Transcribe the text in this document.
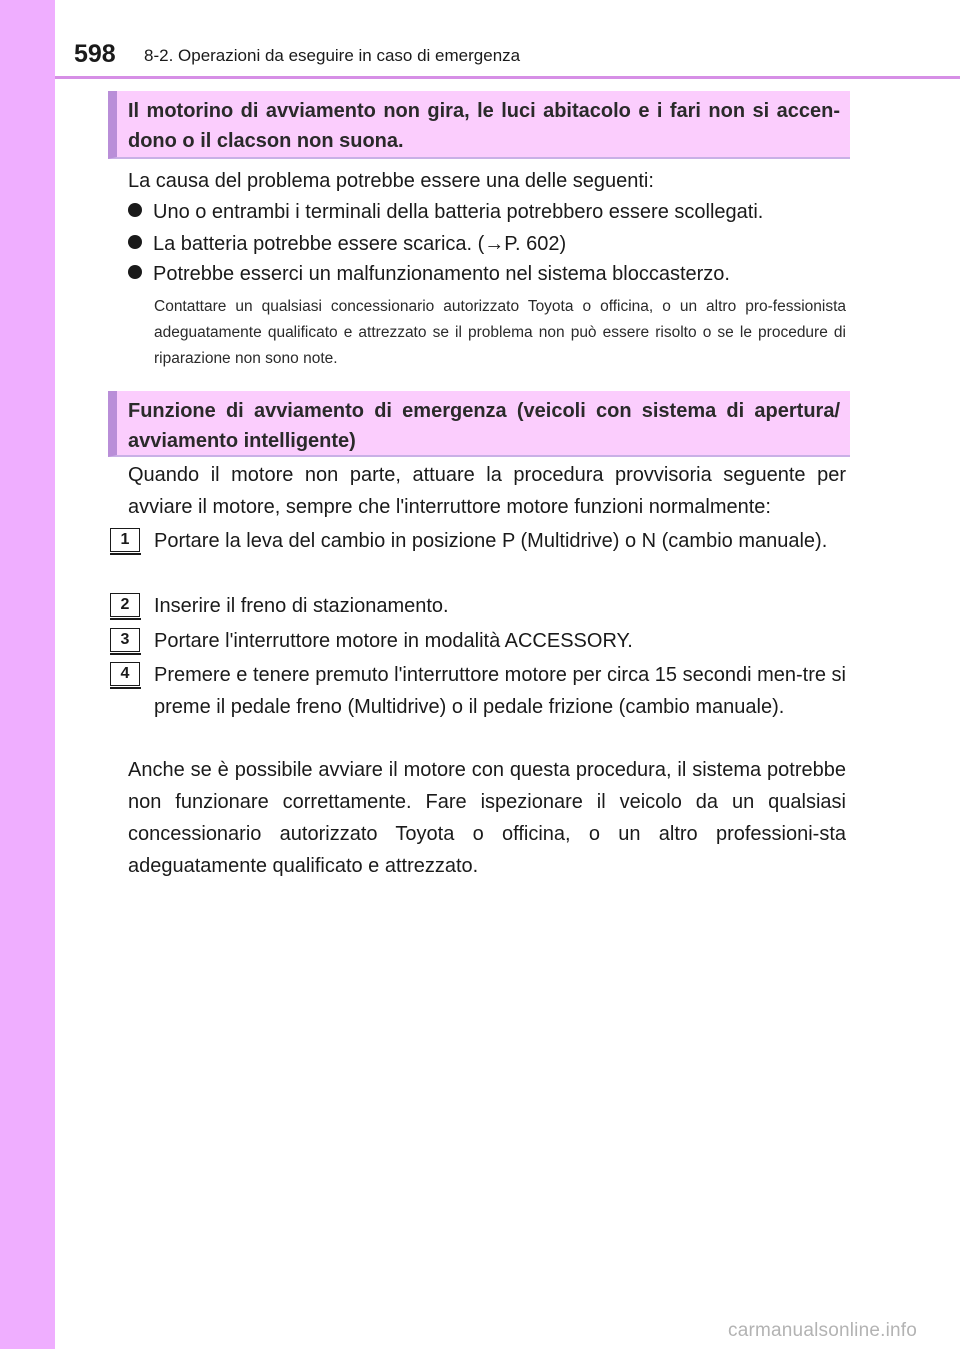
598 8-2. Operazioni da eseguire in caso di emergenza
Il motorino di avviamento non gira, le luci abitacolo e i fari non si accen-dono o il clacson non suona.
La causa del problema potrebbe essere una delle seguenti:
Uno o entrambi i terminali della batteria potrebbero essere scollegati.
La batteria potrebbe essere scarica. (→P. 602)
Potrebbe esserci un malfunzionamento nel sistema bloccasterzo.
Contattare un qualsiasi concessionario autorizzato Toyota o officina, o un altro pro-fessionista adeguatamente qualificato e attrezzato se il problema non può essere risolto o se le procedure di riparazione non sono note.
Funzione di avviamento di emergenza (veicoli con sistema di apertura/ avviamento intelligente)
Quando il motore non parte, attuare la procedura provvisoria seguente per avviare il motore, sempre che l'interruttore motore funzioni normalmente:
1	Portare la leva del cambio in posizione P (Multidrive) o N (cambio manuale).
2	Inserire il freno di stazionamento.
3	Portare l'interruttore motore in modalità ACCESSORY.
4	Premere e tenere premuto l'interruttore motore per circa 15 secondi men-tre si preme il pedale freno (Multidrive) o il pedale frizione (cambio manuale).
Anche se è possibile avviare il motore con questa procedura, il sistema potrebbe non funzionare correttamente. Fare ispezionare il veicolo da un qualsiasi concessionario autorizzato Toyota o officina, o un altro professioni-sta adeguatamente qualificato e attrezzato.
carmanualsonline.info
